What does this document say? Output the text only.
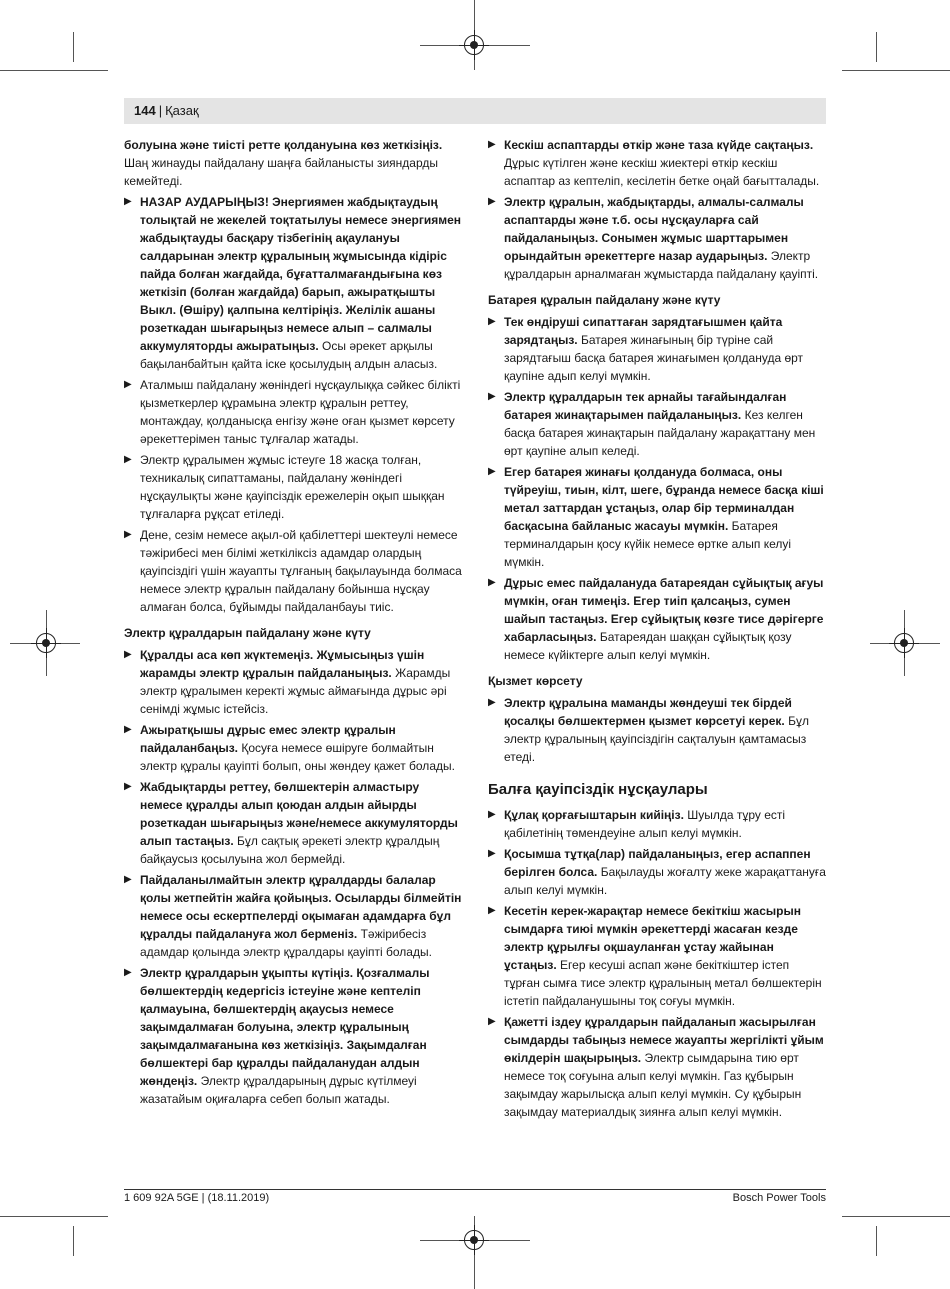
144 | Қазақ
болуына және тиісті ретте қолдануына көз жеткізіңіз. Шаң жинауды пайдалану шаңға байланысты зияндарды кемейтеді.
▶ НАЗАР АУДАРЫҢЫЗ! Энергиямен жабдықтаудың толықтай не жекелей тоқтатылуы немесе энергиямен жабдықтауды басқару тізбегінің ақаулануы салдарынан электр құралының жұмысында кідіріс пайда болған жағдайда, бұғатталмағандығына көз жеткізіп (болған жағдайда) барып, ажыратқышты Выкл. (Өшіру) қалпына келтіріңіз. Желілік ашаны розеткадан шығарыңыз немесе алып – салмалы аккумуляторды ажыратыңыз. Осы әрекет арқылы бақыланбайтын қайта іске қосылудың алдын аласыз.
▶ Аталмыш пайдалану жөніндегі нұсқаулыққа сәйкес білікті қызметкерлер құрамына электр құралын реттеу, монтаждау, қолданысқа енгізу және оған қызмет көрсету әрекеттерімен таныс тұлғалар жатады.
▶ Электр құралымен жұмыс істеуге 18 жасқа толған, техникалық сипаттаманы, пайдалану жөніндегі нұсқаулықты және қауіпсіздік ережелерін оқып шыққан тұлғаларға рұқсат етіледі.
▶ Дене, сезім немесе ақыл-ой қабілеттері шектеулі немесе тәжірибесі мен білімі жеткіліксіз адамдар олардың қауіпсіздігі үшін жауапты тұлғаның бақылауында болмаса немесе электр құралын пайдалану бойынша нұсқау алмаған болса, бұйымды пайдаланбауы тиіс.
Электр құралдарын пайдалану және күту
▶ Құралды аса көп жүктемеңіз. Жұмысыңыз үшін жарамды электр құралын пайдаланыңыз. Жарамды электр құралымен керекті жұмыс аймағында дұрыс әрі сенімді жұмыс істейсіз.
▶ Ажыратқышы дұрыс емес электр құралын пайдаланбаңыз. Қосуға немесе өшіруге болмайтын электр құралы қауіпті болып, оны жөндеу қажет болады.
▶ Жабдықтарды реттеу, бөлшектерін алмастыру немесе құралды алып қоюдан алдын айырды розеткадан шығарыңыз және/немесе аккумуляторды алып тастаңыз. Бұл сақтық әрекеті электр құралдың байқаусыз қосылуына жол бермейді.
▶ Пайдаланылмайтын электр құралдарды балалар қолы жетпейтін жайға қойыңыз. Осыларды білмейтін немесе осы ескертпелерді оқымаған адамдарға бұл құралды пайдалануға жол берменіз. Тәжірибесіз адамдар қолында электр құралдары қауіпті болады.
▶ Электр құралдарын ұқыпты күтіңіз. Қозғалмалы бөлшектердің кедергісіз істеуіне және кептеліп қалмауына, бөлшектердің ақаусыз немесе зақымдалмаған болуына, электр құралының зақымдалмағанына көз жеткізіңіз. Зақымдалған бөлшектері бар құралды пайдаланудан алдын жөндеңіз. Электр құралдарының дұрыс күтілмеуі жазатайым оқиғаларға себеп болып жатады.
▶ Кескіш аспаптарды өткір және таза күйде сақтаңыз. Дұрыс күтілген және кескіш жиектері өткір кескіш аспаптар аз кептеліп, кесілетін бетке оңай бағытталады.
▶ Электр құралын, жабдықтарды, алмалы-салмалы аспаптарды және т.б. осы нұсқауларға сай пайдаланыңыз. Сонымен жұмыс шарттарымен орындайтын әрекеттерге назар аударыңыз. Электр құралдарын арналмаған жұмыстарда пайдалану қауіпті.
Батарея құралын пайдалану және күту
▶ Тек өндіруші сипаттаған зарядтағышмен қайта зарядтаңыз. Батарея жинағының бір түріне сай зарядтағыш басқа батарея жинағымен қолдануда өрт қаупіне адып келуі мүмкін.
▶ Электр құралдарын тек арнайы тағайындалған батарея жинақтарымен пайдаланыңыз. Кез келген басқа батарея жинақтарын пайдалану жарақаттану мен өрт қаупіне алып келеді.
▶ Егер батарея жинағы қолдануда болмаса, оны түйреуіш, тиын, кілт, шеге, бұранда немесе басқа кіші метал заттардан ұстаңыз, олар бір терминалдан басқасына байланыс жасауы мүмкін. Батарея терминалдарын қосу күйік немесе өртке алып келуі мүмкін.
▶ Дұрыс емес пайдалануда батареядан сұйықтық ағуы мүмкін, оған тимеңіз. Егер тиіп қалсаңыз, сумен шайып тастаңыз. Егер сұйықтық көзге тисе дәрігерге хабарласыңыз. Батареядан шаққан сұйықтық қозу немесе күйіктерге алып келуі мүмкін.
Қызмет көрсету
▶ Электр құралына маманды жөндеуші тек бірдей қосалқы бөлшектермен қызмет көрсетуі керек. Бұл электр құралының қауіпсіздігін сақталуын қамтамасыз етеді.
Балға қауіпсіздік нұсқаулары
▶ Құлақ қорғағыштарын кийіңіз. Шуылда тұру есті қабілетінің төмендеуіне алып келуі мүмкін.
▶ Қосымша тұтқа(лар) пайдаланыңыз, егер аспаппен берілген болса. Бақылауды жоғалту жеке жарақаттануға алып келуі мүмкін.
▶ Кесетін керек-жарақтар немесе бекіткіш жасырын сымдарға тиюі мүмкін әрекеттерді жасаған кезде электр құрылғы оқшауланған ұстау жайынан ұстаңыз. Егер кесуші аспап және бекіткіштер істеп тұрған сымға тисе электр құралының метал бөлшектерін істетіп пайдаланушыны тоқ соғуы мүмкін.
▶ Қажетті іздеу құралдарын пайдаланып жасырылған сымдарды табыңыз немесе жауапты жергілікті ұйым өкілдерін шақырыңыз. Электр сымдарына тию өрт немесе тоқ соғуына алып келуі мүмкін. Газ құбырын зақымдау жарылысқа алып келуі мүмкін. Су құбырын зақымдау материалдық зиянға алып келуі мүмкін.
1 609 92A 5GE | (18.11.2019)	Bosch Power Tools
